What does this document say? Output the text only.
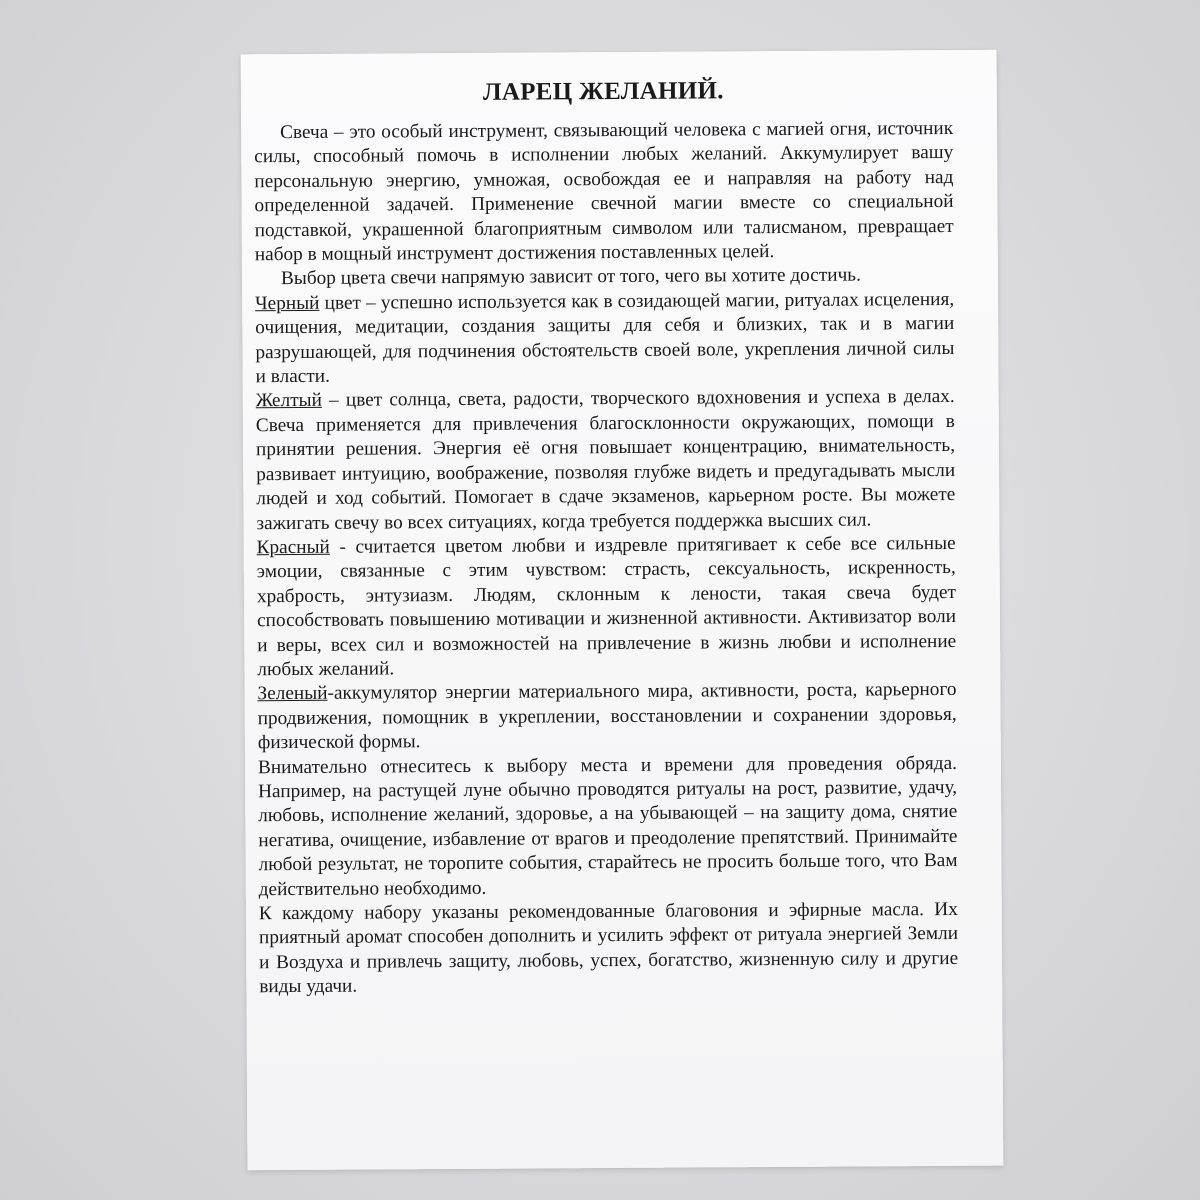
ЛАРЕЦ ЖЕЛАНИЙ.

Свеча – это особый инструмент, связывающий человека с магией огня, источник силы, способный помочь в исполнении любых желаний. Аккумулирует вашу персональную энергию, умножая, освобождая ее и направляя на работу над определенной задачей. Применение свечной магии вместе со специальной подставкой, украшенной благоприятным символом или талисманом, превращает набор в мощный инструмент достижения поставленных целей.

Выбор цвета свечи напрямую зависит от того, чего вы хотите достичь.

Черный цвет – успешно используется как в созидающей магии, ритуалах исцеления, очищения, медитации, создания защиты для себя и близких, так и в магии разрушающей, для подчинения обстоятельств своей воле, укрепления личной силы и власти.

Желтый – цвет солнца, света, радости, творческого вдохновения и успеха в делах. Свеча применяется для привлечения благосклонности окружающих, помощи в принятии решения. Энергия её огня повышает концентрацию, внимательность, развивает интуицию, воображение, позволяя глубже видеть и предугадывать мысли людей и ход событий. Помогает в сдаче экзаменов, карьерном росте. Вы можете зажигать свечу во всех ситуациях, когда требуется поддержка высших сил.

Красный - считается цветом любви и издревле притягивает к себе все сильные эмоции, связанные с этим чувством: страсть, сексуальность, искренность, храбрость, энтузиазм. Людям, склонным к лености, такая свеча будет способствовать повышению мотивации и жизненной активности. Активизатор воли и веры, всех сил и возможностей на привлечение в жизнь любви и исполнение любых желаний.

Зеленый-аккумулятор энергии материального мира, активности, роста, карьерного продвижения, помощник в укреплении, восстановлении и сохранении здоровья, физической формы.

Внимательно отнеситесь к выбору места и времени для проведения обряда. Например, на растущей луне обычно проводятся ритуалы на рост, развитие, удачу, любовь, исполнение желаний, здоровье, а на убывающей – на защиту дома, снятие негатива, очищение, избавление от врагов и преодоление препятствий. Принимайте любой результат, не торопите события, старайтесь не просить больше того, что Вам действительно необходимо.

К каждому набору указаны рекомендованные благовония и эфирные масла. Их приятный аромат способен дополнить и усилить эффект от ритуала энергией Земли и Воздуха и привлечь защиту, любовь, успех, богатство, жизненную силу и другие виды удачи.
